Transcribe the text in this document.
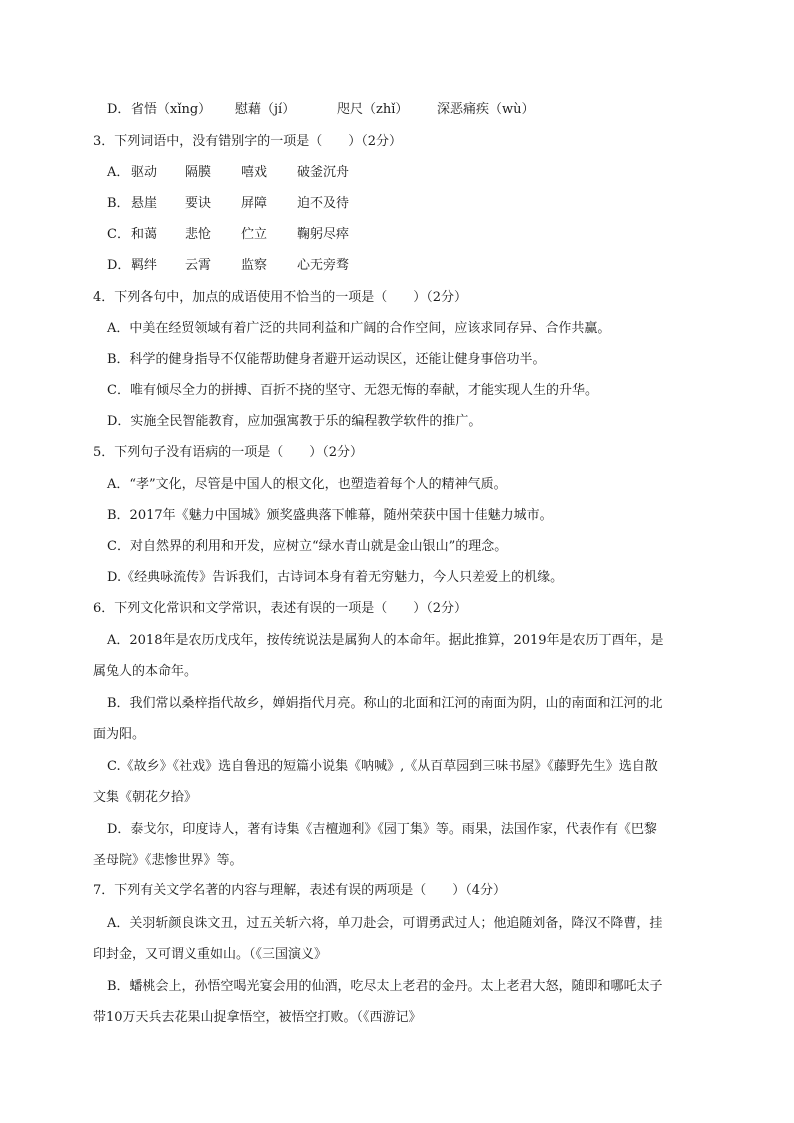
D． 省悟（xǐng） 慰藉（jí）	咫尺（zhǐ） 深恶痛疾（wù）
3．下列词语中，没有错别字的一项是（　　）（2分）
A． 驱动 隔膜 嘻戏 破釜沉舟
B． 悬崖 要诀 屏障 迫不及待
C． 和蔼 悲怆 伫立 鞠躬尽瘁
D． 羁绊 云霄 监察 心无旁骛
4．下列各句中，加点的成语使用不恰当的一项是（　　）（2分）
A．中美在经贸领域有着广泛的共同利益和广阔的合作空间，应该求同存异、合作共赢。
B．科学的健身指导不仅能帮助健身者避开运动误区，还能让健身事倍功半。
C．唯有倾尽全力的拼搏、百折不挠的坚守、无怨无悔的奉献，才能实现人生的升华。
D．实施全民智能教育，应加强寓教于乐的编程教学软件的推广。
5．下列句子没有语病的一项是（　　）（2分）
A．“孝”文化，尽管是中国人的根文化，也塑造着每个人的精神气质。
B．2017年《魅力中国城》颁奖盛典落下帷幕，随州荣获中国十佳魅力城市。
C．对自然界的利用和开发，应树立“绿水青山就是金山银山”的理念。
D.《经典咏流传》告诉我们，古诗词本身有着无穷魅力，今人只差爱上的机缘。
6．下列文化常识和文学常识，表述有误的一项是（　　）（2分）
A．2018年是农历戊戌年，按传统说法是属狗人的本命年。据此推算，2019年是农历丁酉年，是
属兔人的本命年。
B．我们常以桑梓指代故乡，婵娟指代月亮。称山的北面和江河的南面为阴，山的南面和江河的北
面为阳。
C.《故乡》《社戏》选自鲁迅的短篇小说集《呐喊》,《从百草园到三味书屋》《藤野先生》选自散
文集《朝花夕拾》
D．泰戈尔，印度诗人，著有诗集《吉檀迦利》《园丁集》等。雨果，法国作家，代表作有《巴黎
圣母院》《悲惨世界》等。
7．下列有关文学名著的内容与理解，表述有误的两项是（　　）（4分）
A．关羽斩颜良诛文丑，过五关斩六将，单刀赴会，可谓勇武过人；他追随刘备，降汉不降曹，挂
印封金，又可谓义重如山。（《三国演义》
B．蟠桃会上，孙悟空喝光宴会用的仙酒，吃尽太上老君的金丹。太上老君大怒，随即和哪吒太子
带10万天兵去花果山捉拿悟空，被悟空打败。（《西游记》
